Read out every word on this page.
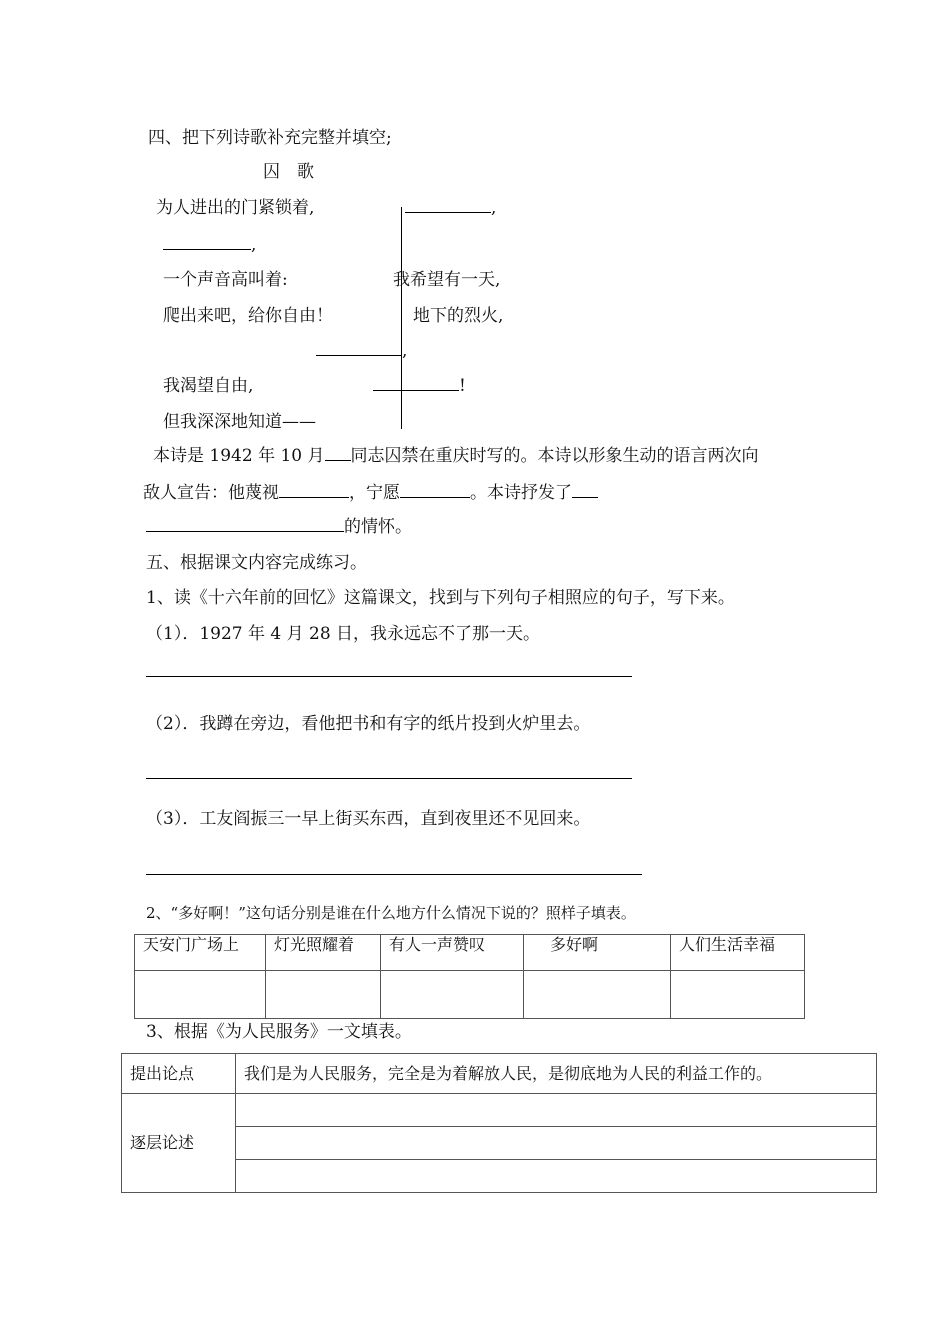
四、把下列诗歌补充完整并填空;
囚　歌
为人进出的门紧锁着,
,
一个声音高叫着:
爬出来吧，给你自由！
我渴望自由,
但我深深地知道——
,
我希望有一天,
地下的烈火,
,
!
本诗是 1942 年 10 月 同志囚禁在重庆时写的。本诗以形象生动的语言两次向
敌人宣告：他蔑视	，宁愿	。本诗抒发了
的情怀。
五、根据课文内容完成练习。
1、读《十六年前的回忆》这篇课文，找到与下列句子相照应的句子，写下来。
（1）．1927 年 4 月 28 日，我永远忘不了那一天。
（2）．我蹲在旁边，看他把书和有字的纸片投到火炉里去。
（3）．工友阎振三一早上街买东西，直到夜里还不见回来。
2、“多好啊！”这句话分别是谁在什么地方什么情况下说的？照样子填表。
天安门广场上	灯光照耀着	有人一声赞叹	多好啊	人们生活幸福

3、根据《为人民服务》一文填表。
提出论点	我们是为人民服务，完全是为着解放人民，是彻底地为人民的利益工作的。
逐层论述	
